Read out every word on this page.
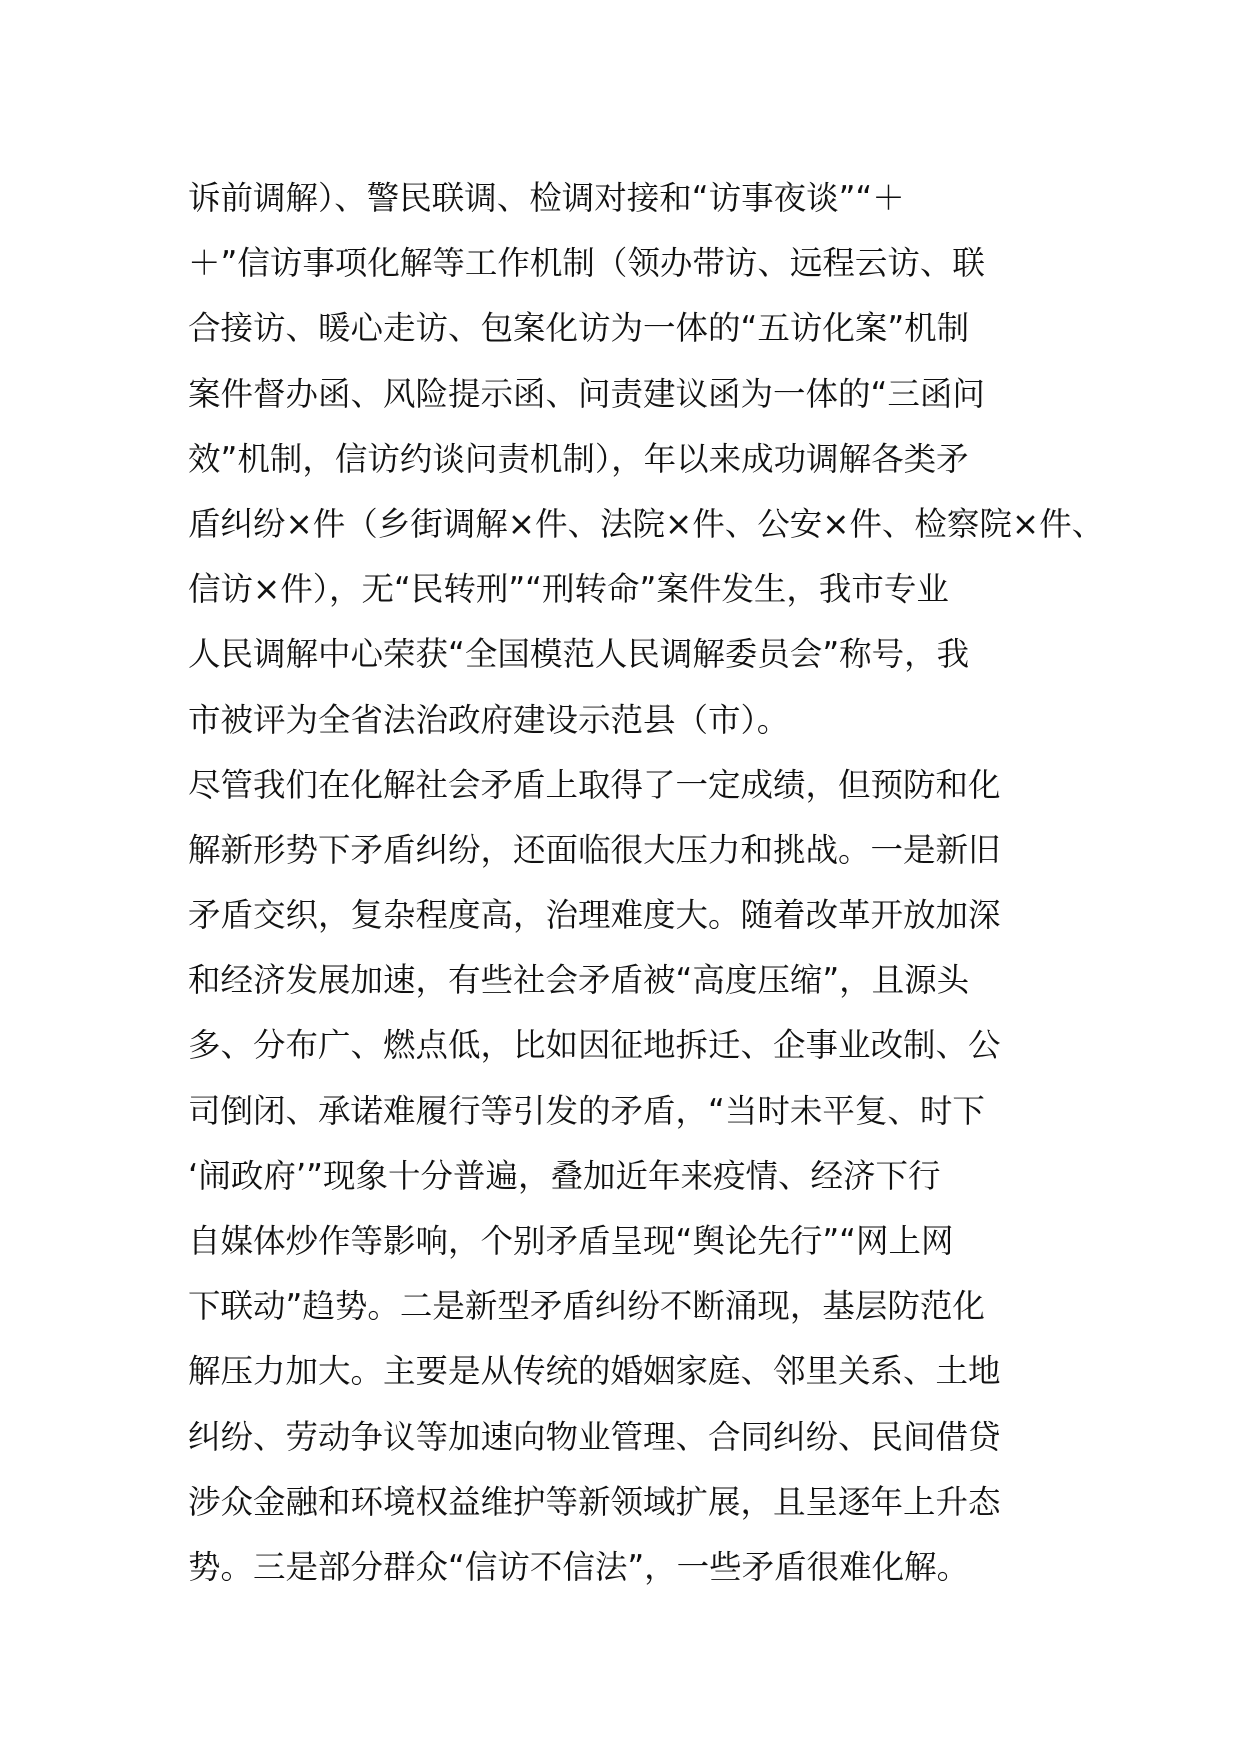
诉前调解）、警民联调、检调对接和“访事夜谈”“＋
＋”信访事项化解等工作机制（领办带访、远程云访、联
合接访、暖心走访、包案化访为一体的“五访化案”机制
案件督办函、风险提示函、问责建议函为一体的“三函问
效”机制，信访约谈问责机制），年以来成功调解各类矛
盾纠纷×件（乡街调解×件、法院×件、公安×件、检察院×件、
信访×件），无“民转刑”“刑转命”案件发生，我市专业
人民调解中心荣获“全国模范人民调解委员会”称号，我
市被评为全省法治政府建设示范县（市）。
尽管我们在化解社会矛盾上取得了一定成绩，但预防和化
解新形势下矛盾纠纷，还面临很大压力和挑战。一是新旧
矛盾交织，复杂程度高，治理难度大。随着改革开放加深
和经济发展加速，有些社会矛盾被“高度压缩”，且源头
多、分布广、燃点低，比如因征地拆迁、企事业改制、公
司倒闭、承诺难履行等引发的矛盾，“当时未平复、时下
‘闹政府’”现象十分普遍，叠加近年来疫情、经济下行
自媒体炒作等影响，个别矛盾呈现“舆论先行”“网上网
下联动”趋势。二是新型矛盾纠纷不断涌现，基层防范化
解压力加大。主要是从传统的婚姻家庭、邻里关系、土地
纠纷、劳动争议等加速向物业管理、合同纠纷、民间借贷
涉众金融和环境权益维护等新领域扩展，且呈逐年上升态
势。三是部分群众“信访不信法”，一些矛盾很难化解。
